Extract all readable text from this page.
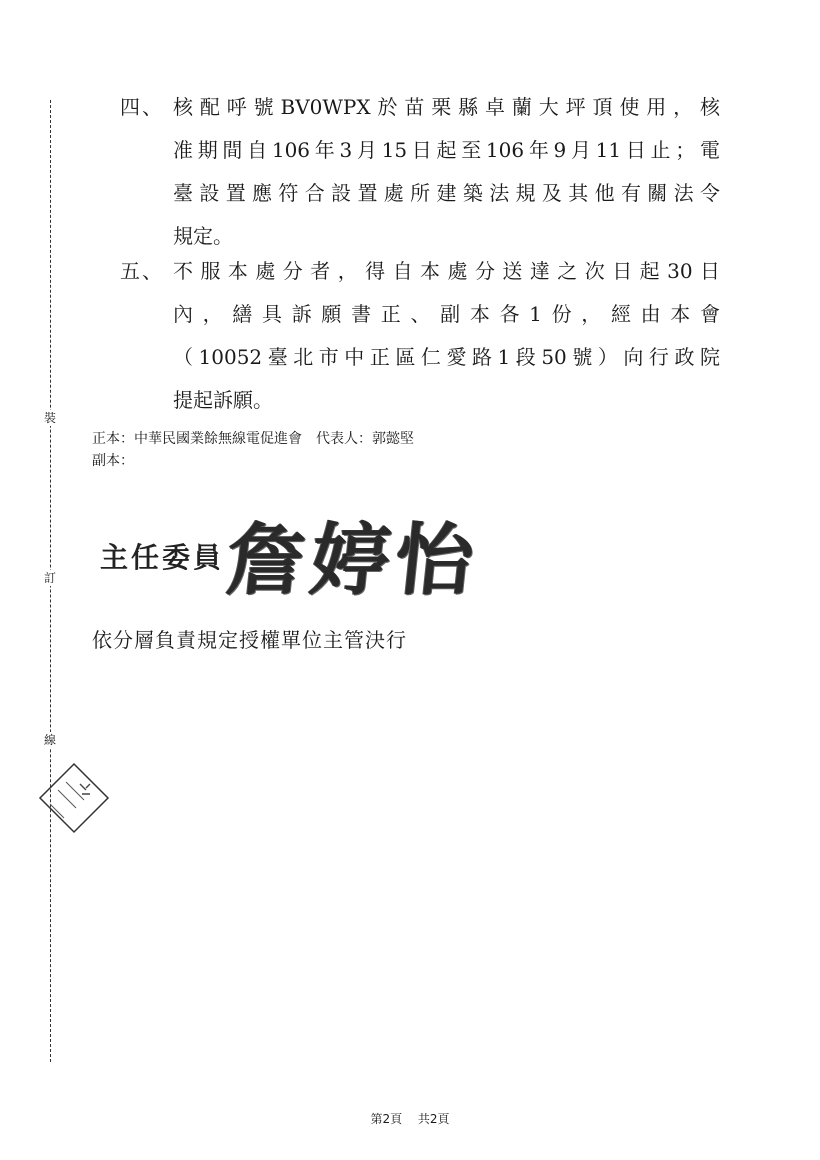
裝
訂
線
四、 核配呼號BV0WPX於苗栗縣卓蘭大坪頂使用，核
准期間自106年3月15日起至106年9月11日止；電
臺設置應符合設置處所建築法規及其他有關法令
規定。
五、 不服本處分者，得自本處分送達之次日起30日
內，繕具訴願書正、副本各1份，經由本會
（10052臺北市中正區仁愛路1段50號）向行政院
提起訴願。
正本：中華民國業餘無線電促進會　代表人：郭懿堅
副本：
主任委員
詹婷怡
依分層負責規定授權單位主管決行
第2頁 共2頁
